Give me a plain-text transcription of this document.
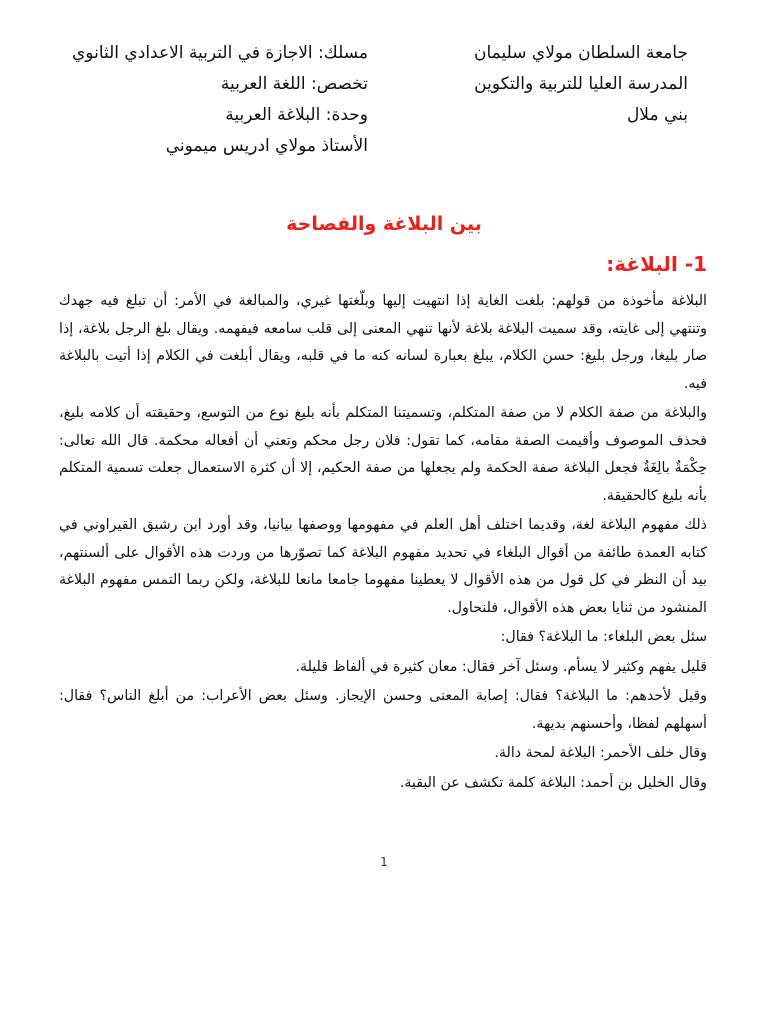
جامعة السلطان مولاي سليمان
المدرسة العليا للتربية والتكوين
بني ملال
مسلك: الاجازة في التربية الاعدادي الثانوي
تخصص: اللغة العربية
وحدة: البلاغة العربية
الأستاذ مولاي ادريس ميموني
بين البلاغة والفصاحة
1- البلاغة:

البلاغة مأخوذة من قولهم: بلغت الغاية إذا انتهيت إليها وبلّغتها غيري، والمبالغة في الأمر: أن تبلغ فيه جهدك وتنتهي إلى غايته، وقد سميت البلاغة بلاغة لأنها تنهي المعنى إلى قلب سامعه فيفهمه. ويقال بلغ الرجل بلاغة، إذا صار بليغا، ورجل بليغ: حسن الكلام، يبلغ بعبارة لسانه كنه ما في قلبه، ويقال أبلغت في الكلام إذا أتيت بالبلاغة فيه.

والبلاغة من صفة الكلام لا من صفة المتكلم، وتسميتنا المتكلم بأنه بليغ نوع من التوسع، وحقيقته أن كلامه بليغ، فحذف الموصوف وأقيمت الصفة مقامه، كما تقول: فلان رجل محكم وتعني أن أفعاله محكمة. قال الله تعالى: حِكْمَةٌ بالِغَةٌ فجعل البلاغة صفة الحكمة ولم يجعلها من صفة الحكيم، إلا أن كثرة الاستعمال جعلت تسمية المتكلم بأنه بليغ كالحقيقة.

ذلك مفهوم البلاغة لغة، وقديما اختلف أهل العلم في مفهومها ووصفها بيانيا، وقد أورد ابن رشيق القيراوني في كتابه العمدة طائفة من أقوال البلغاء في تحديد مفهوم البلاغة كما تصوّرها من وردت هذه الأقوال على ألسنتهم، بيد أن النظر في كل قول من هذه الأقوال لا يعطينا مفهوما جامعا مانعا للبلاغة، ولكن ربما التمس مفهوم البلاغة المنشود من ثنايا بعض هذه الأقوال، فلنحاول.

سئل بعض البلغاء: ما البلاغة؟ فقال:

قليل يفهم وكثير لا يسأم. وسئل آخر فقال: معان كثيرة في ألفاظ قليلة.

وقيل لأحدهم: ما البلاغة؟ فقال: إصابة المعنى وحسن الإيجاز. وسئل بعض الأعراب: من أبلغ الناس؟ فقال: أسهلهم لفظا، وأحسنهم بديهة.

وقال خلف الأحمر: البلاغة لمحة دالة.

وقال الخليل بن أحمد: البلاغة كلمة تكشف عن البقية.

1
